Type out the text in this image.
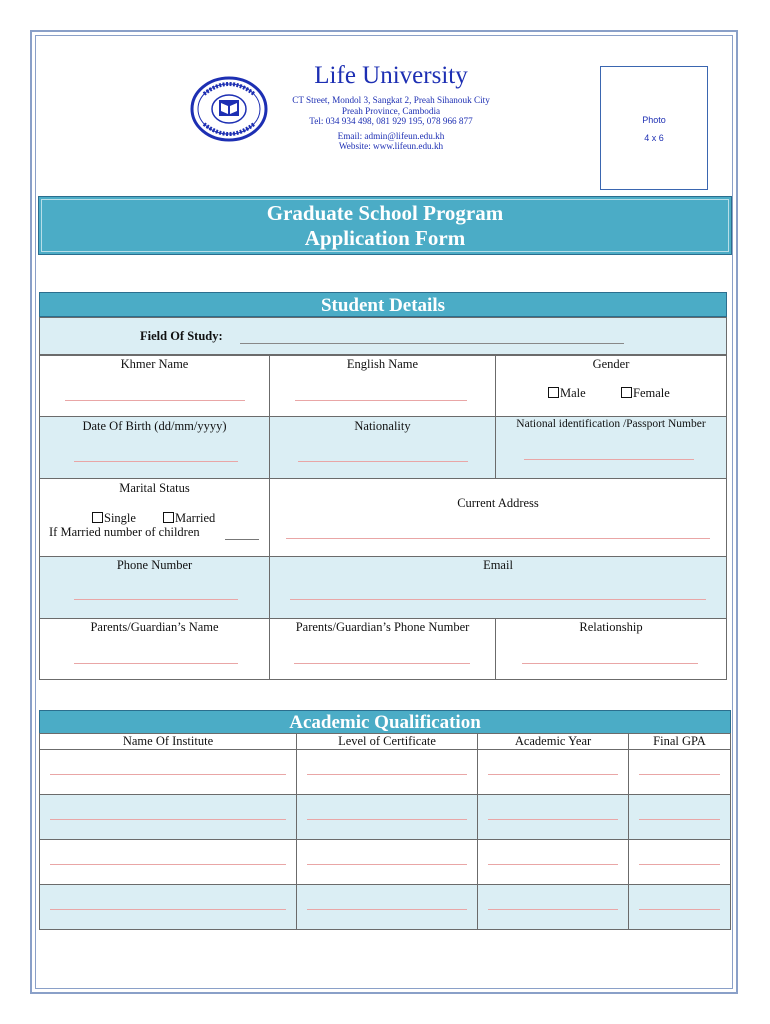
Life University
CT Street, Mondol 3, Sangkat 2, Preah Sihanouk City
Preah Province, Cambodia
Tel: 034 934 498, 081 929 195, 078 966 877
Email: admin@lifeun.edu.kh
Website: www.lifeun.edu.kh
Photo
4 x 6
Graduate School Program
Application Form
Student Details
Field Of Study:
Khmer Name	English Name	Gender
Male	Female
Date Of Birth (dd/mm/yyyy)	Nationality	National identification /Passport Number
Marital Status
Single	Married
If Married number of children
Current Address
Phone Number	Email
Parents/Guardian’s Name	Parents/Guardian’s Phone Number	Relationship
Academic Qualification
Name Of Institute	Level of Certificate	Academic Year	Final GPA
